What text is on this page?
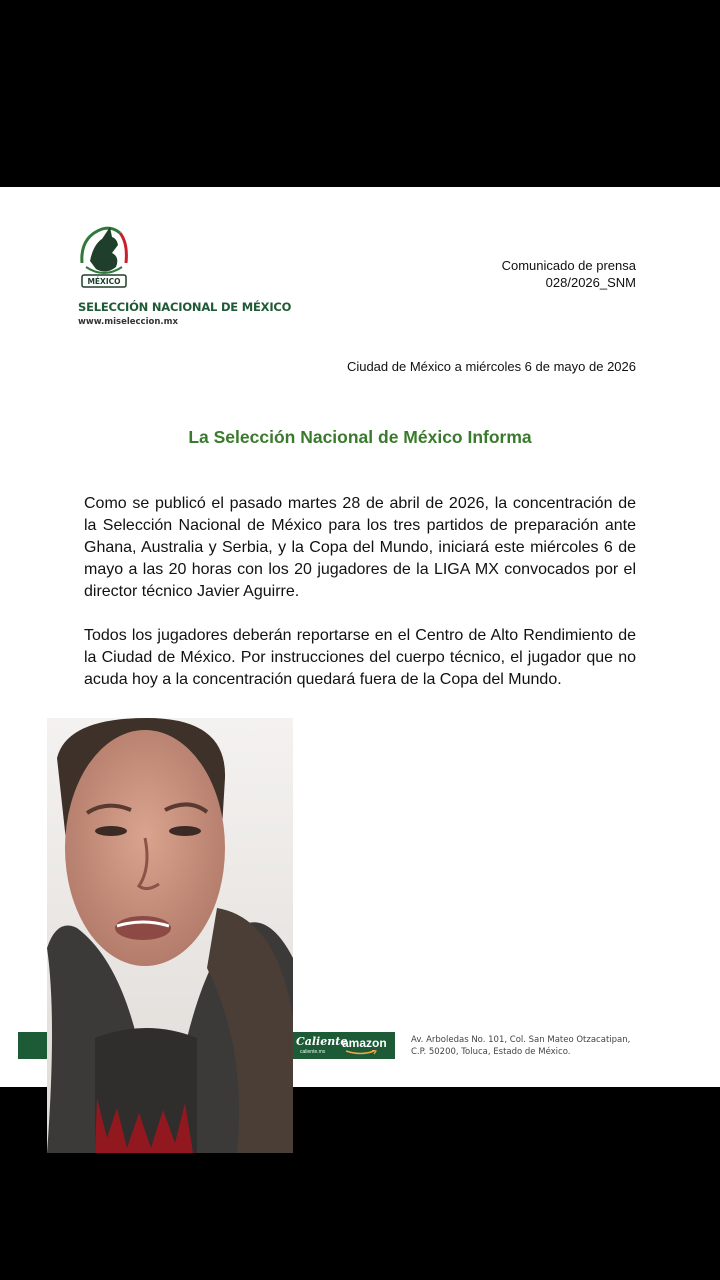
MÉXICO
SELECCIÓN NACIONAL DE MÉXICO
www.miseleccion.mx
Comunicado de prensa
028/2026_SNM
Ciudad de México a miércoles 6 de mayo de 2026
La Selección Nacional de México Informa

Como se publicó el pasado martes 28 de abril de 2026, la concentración de la Selección Nacional de México para los tres partidos de preparación ante Ghana, Australia y Serbia, y la Copa del Mundo, iniciará este miércoles 6 de mayo a las 20 horas con los 20 jugadores de la LIGA MX convocados por el director técnico Javier Aguirre.

Todos los jugadores deberán reportarse en el Centro de Alto Rendimiento de la Ciudad de México. Por instrucciones del cuerpo técnico, el jugador que no acuda hoy a la concentración quedará fuera de la Copa del Mundo.

Caliente
caliente.mx
amazon	Av. Arboledas No. 101, Col. San Mateo Otzacatipan,
C.P. 50200, Toluca, Estado de México.
